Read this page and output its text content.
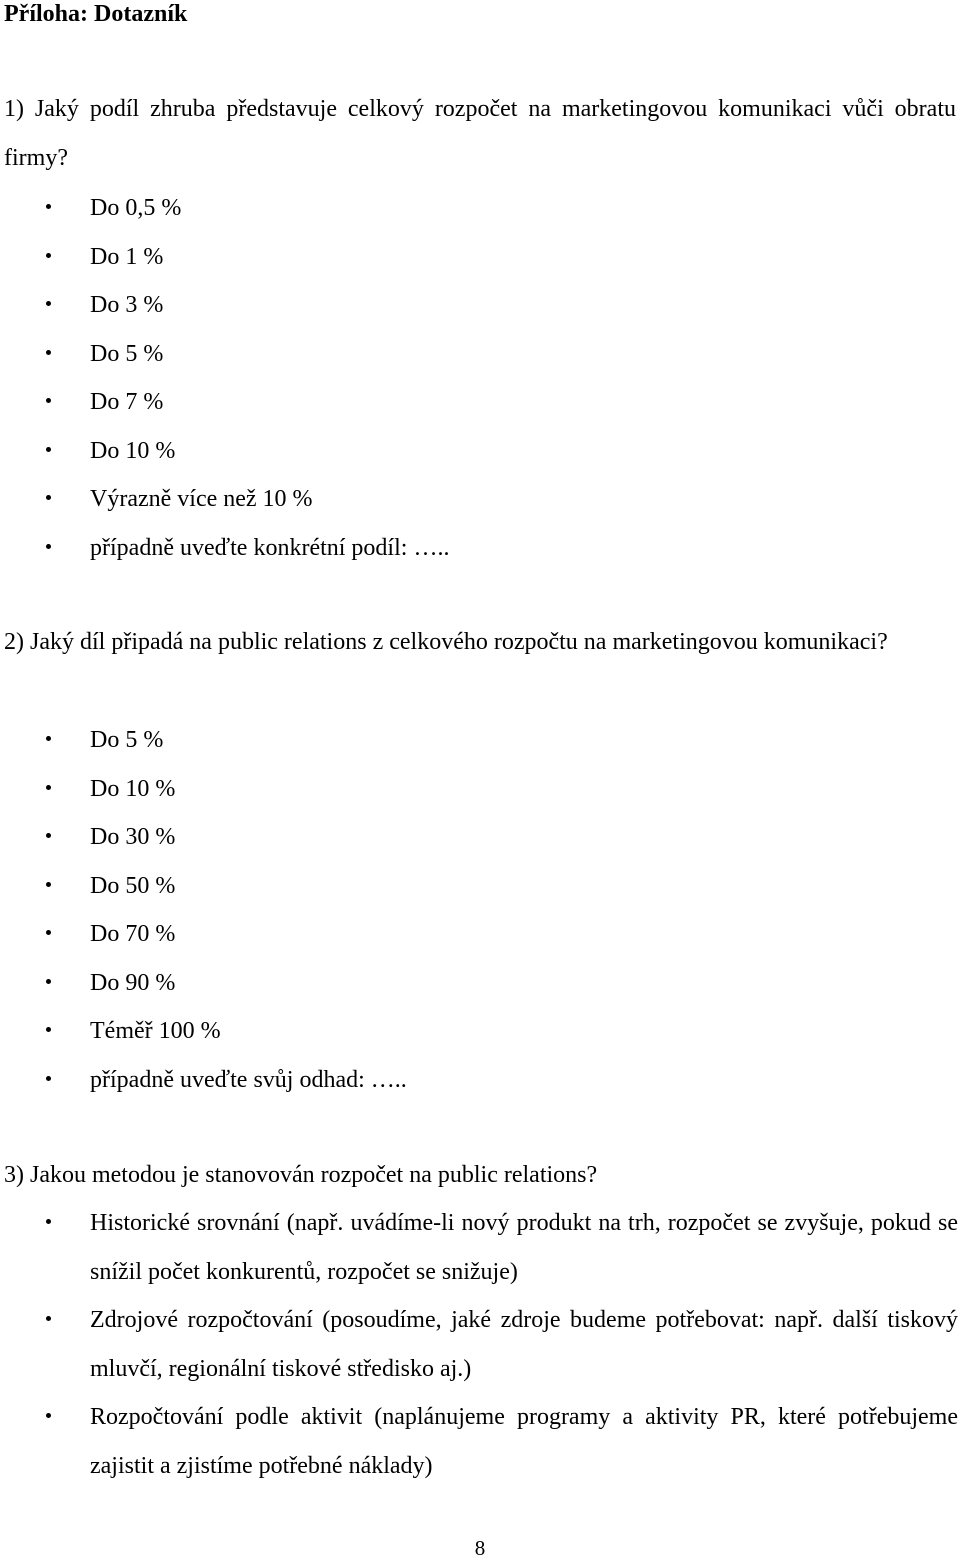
Příloha: Dotazník

1) Jaký podíl zhruba představuje celkový rozpočet na marketingovou komunikaci vůči obratu firmy?

Do 0,5 %
Do 1 %
Do 3 %
Do 5 %
Do 7 %
Do 10 %
Výrazně více než 10 %
případně uveďte konkrétní podíl: …..

2) Jaký díl připadá na public relations z celkového rozpočtu na marketingovou komunikaci?

Do 5 %
Do 10 %
Do 30 %
Do 50 %
Do 70 %
Do 90 %
Téměř 100 %
případně uveďte svůj odhad: …..

3) Jakou metodou je stanovován rozpočet na public relations?

Historické srovnání (např. uvádíme-li nový produkt na trh, rozpočet se zvyšuje, pokud se snížil počet konkurentů, rozpočet se snižuje)
Zdrojové rozpočtování (posoudíme, jaké zdroje budeme potřebovat: např. další tiskový mluvčí, regionální tiskové středisko aj.)
Rozpočtování podle aktivit (naplánujeme programy a aktivity PR, které potřebujeme zajistit a zjistíme potřebné náklady)
8
